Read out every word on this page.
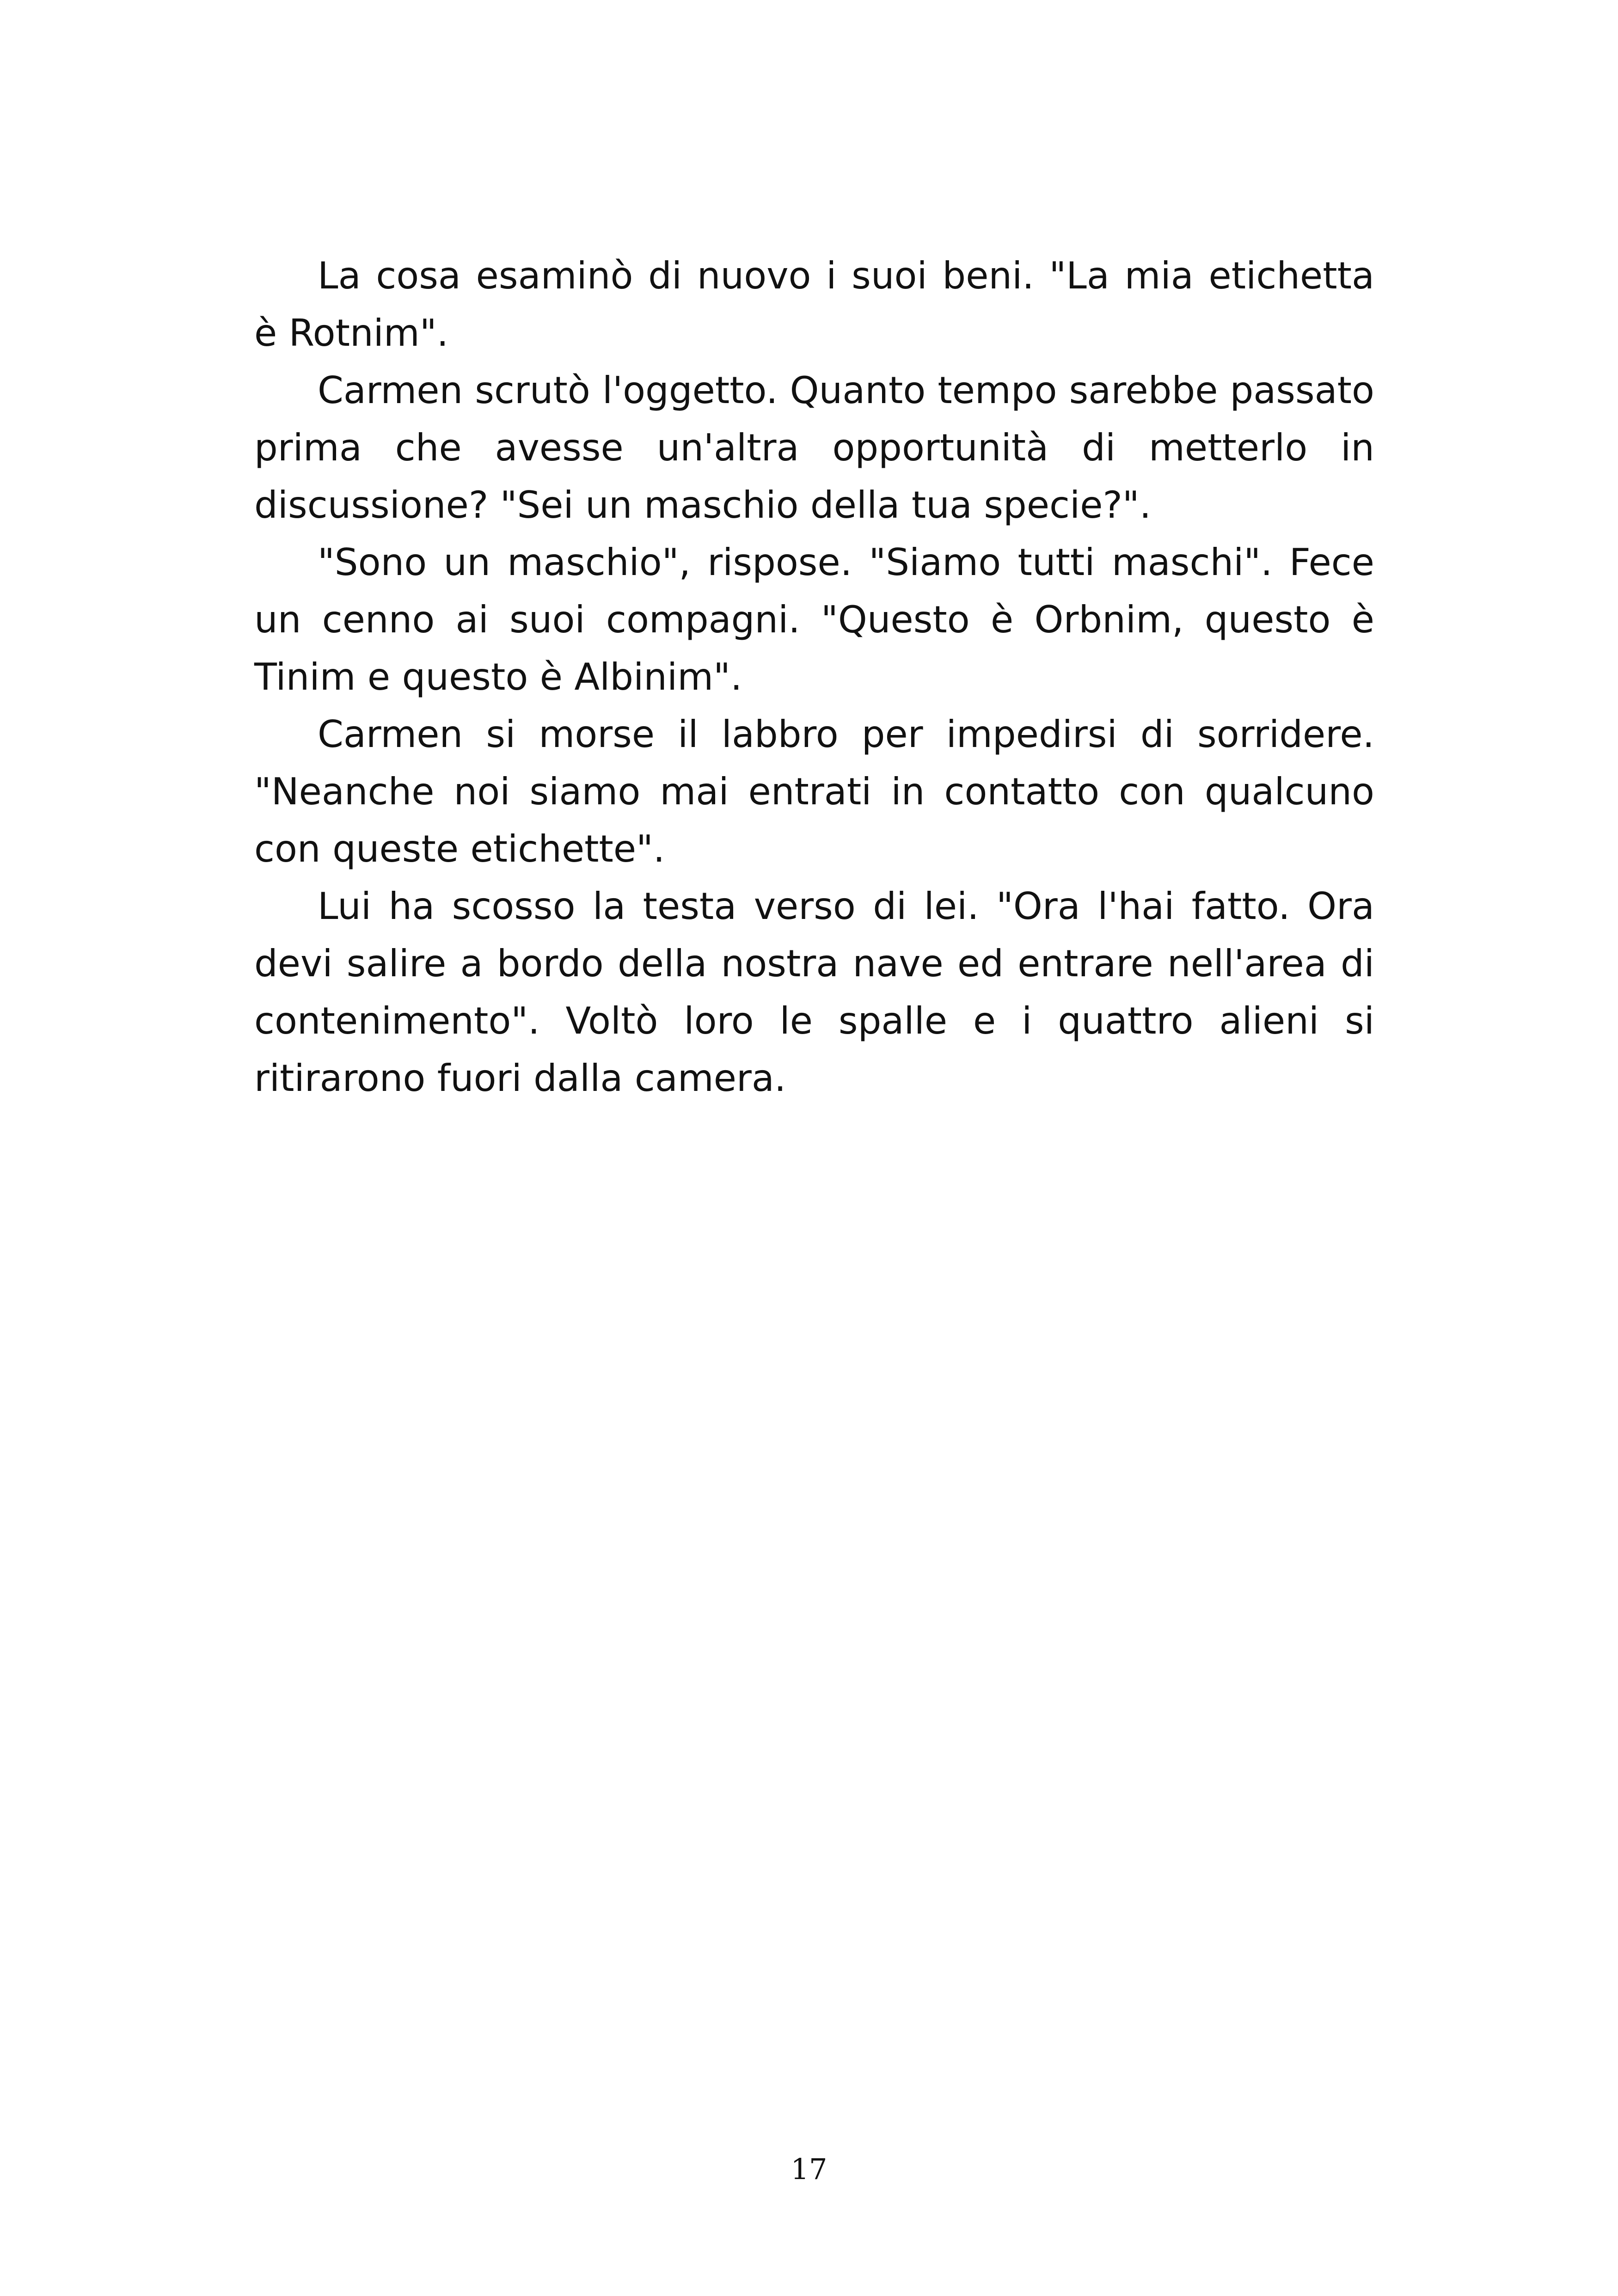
La cosa esaminò di nuovo i suoi beni. "La mia etichetta è Rotnim".

Carmen scrutò l'oggetto. Quanto tempo sarebbe passato prima che avesse un'altra opportunità di metterlo in discussione? "Sei un maschio della tua specie?".

"Sono un maschio", rispose. "Siamo tutti maschi". Fece un cenno ai suoi compagni. "Questo è Orbnim, questo è Tinim e questo è Albinim".

Carmen si morse il labbro per impedirsi di sorridere. "Neanche noi siamo mai entrati in contatto con qualcuno con queste etichette".

Lui ha scosso la testa verso di lei. "Ora l'hai fatto. Ora devi salire a bordo della nostra nave ed entrare nell'area di contenimento". Voltò loro le spalle e i quattro alieni si ritirarono fuori dalla camera.

17
